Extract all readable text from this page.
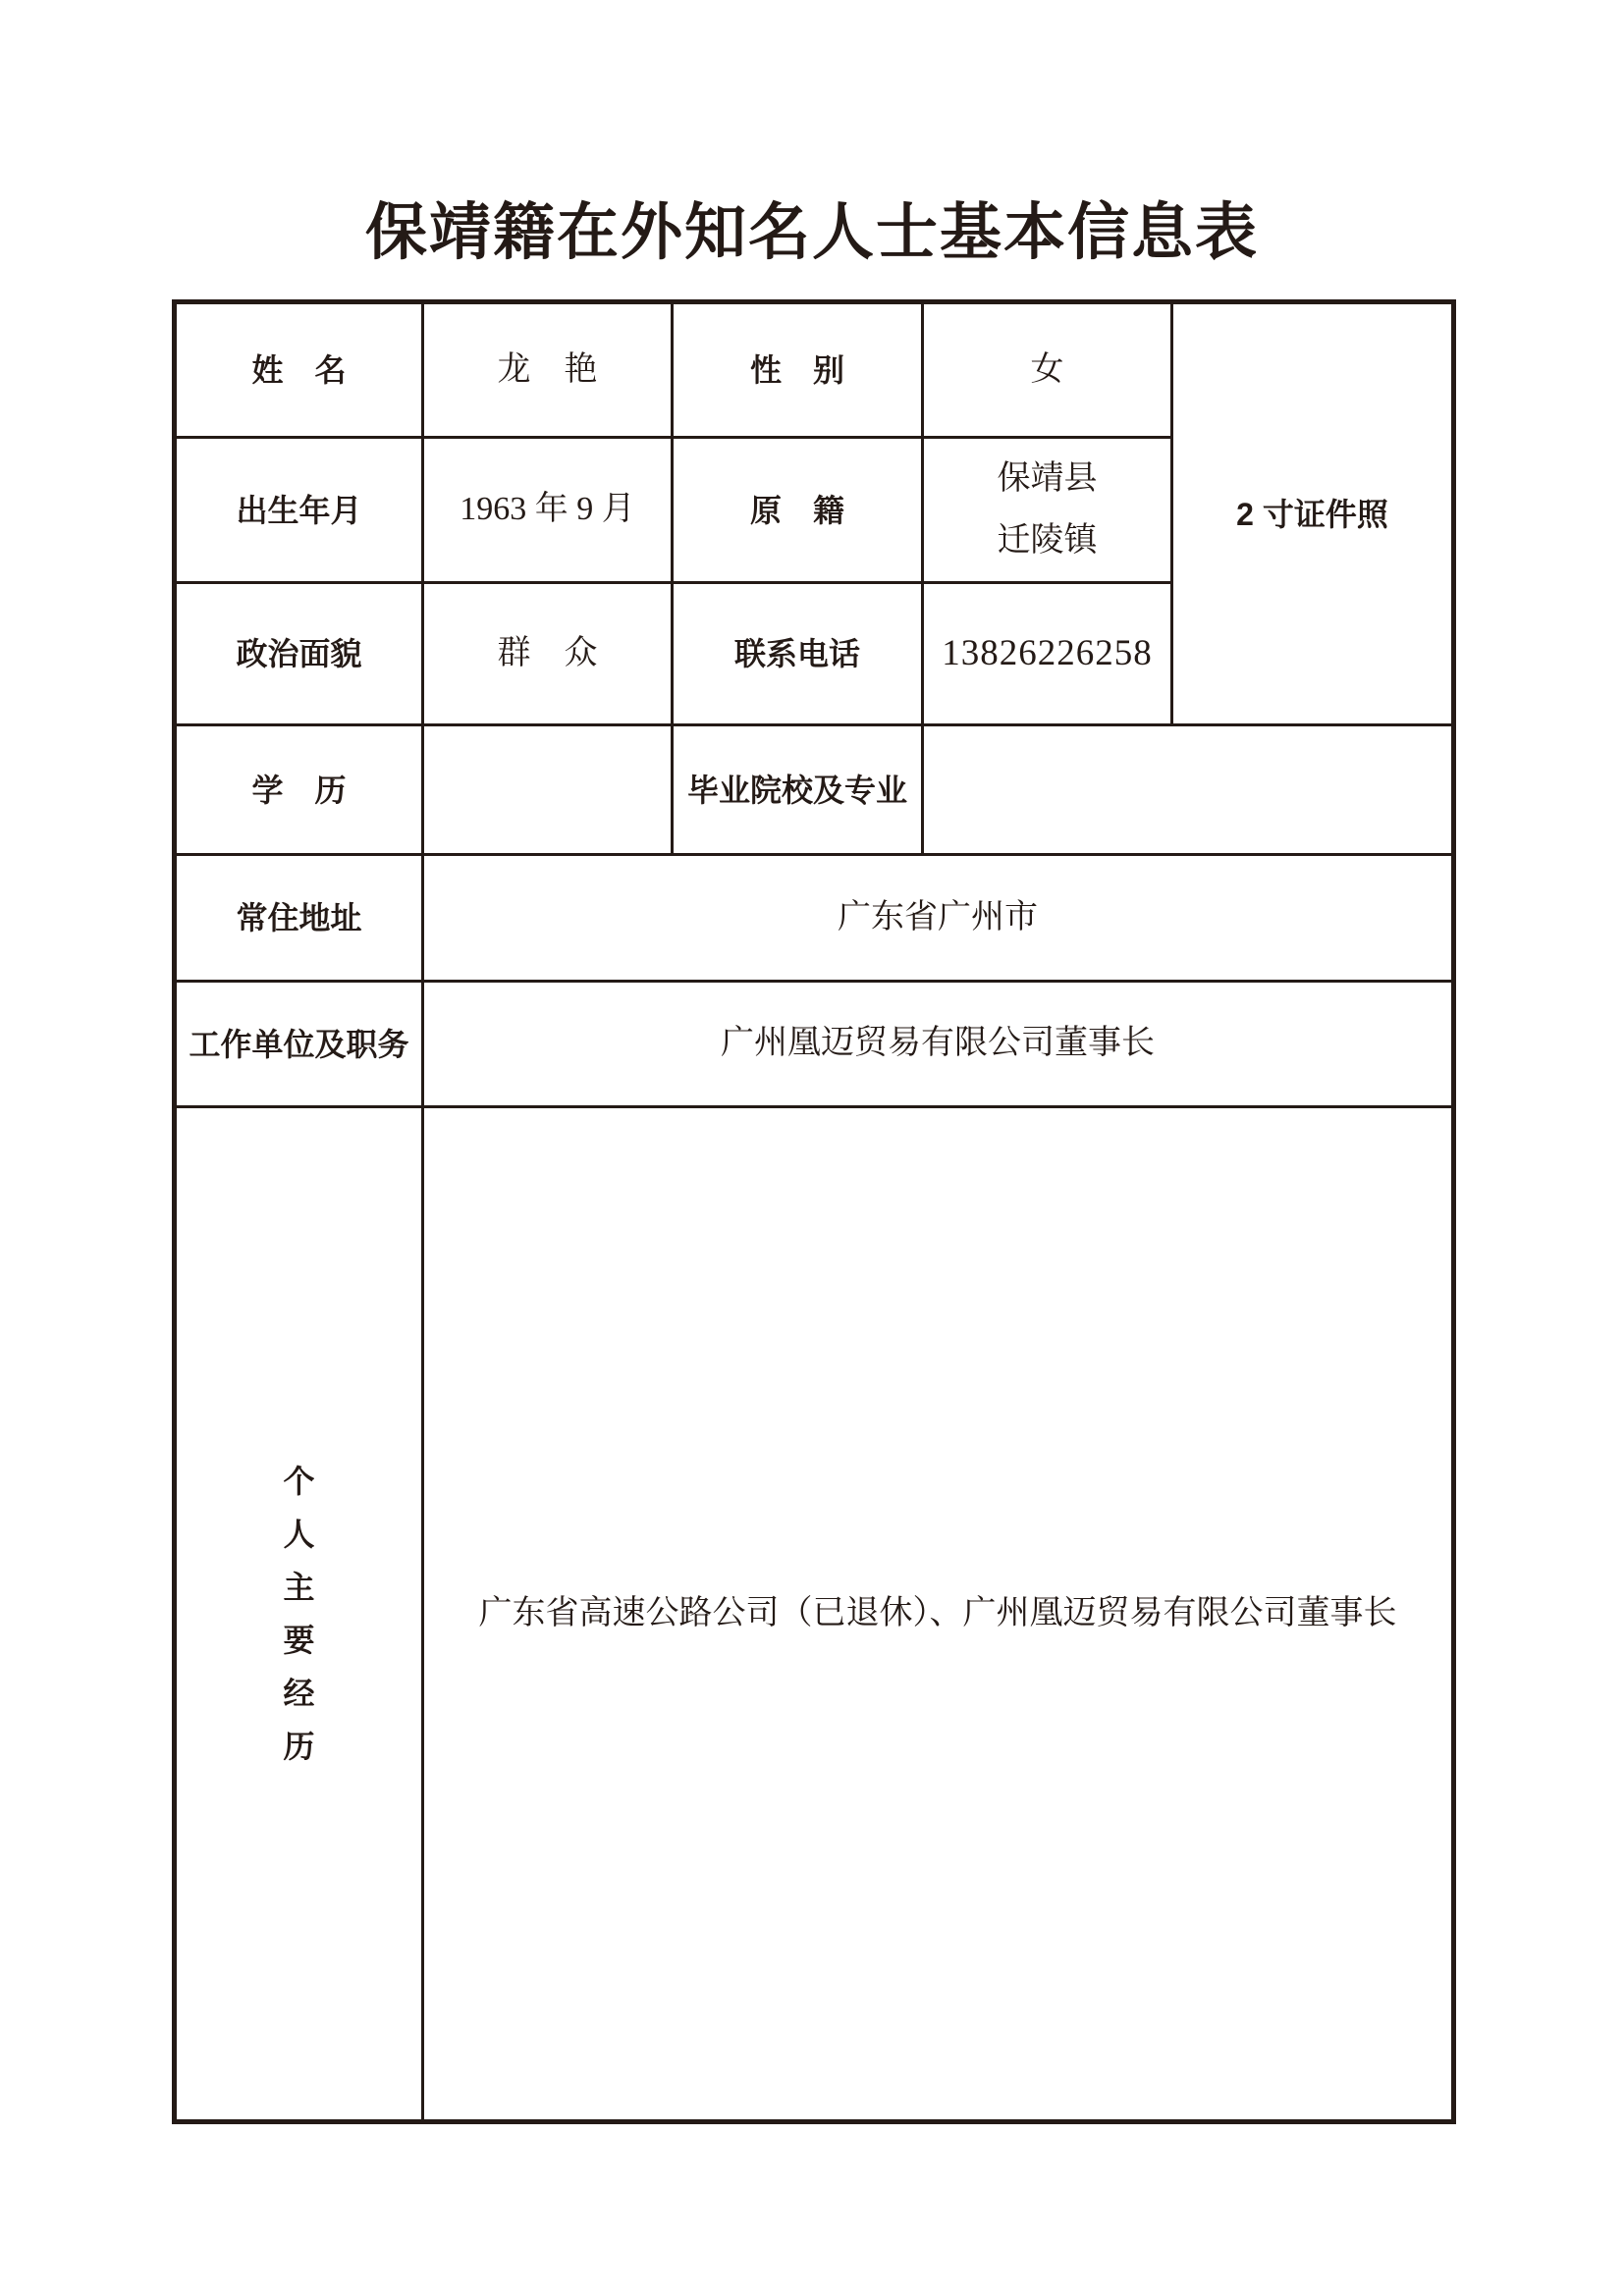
保靖籍在外知名人士基本信息表
姓　名	龙　艳	性　别	女	2 寸证件照
出生年月	1963 年 9 月	原　籍	保靖县迁陵镇	
政治面貌	群　众	联系电话	13826226258	
学　历		毕业院校及专业		
常住地址	广东省广州市			
工作单位及职务	广州凰迈贸易有限公司董事长			
个人主要经历	广东省高速公路公司（已退休）、广州凰迈贸易有限公司董事长			
